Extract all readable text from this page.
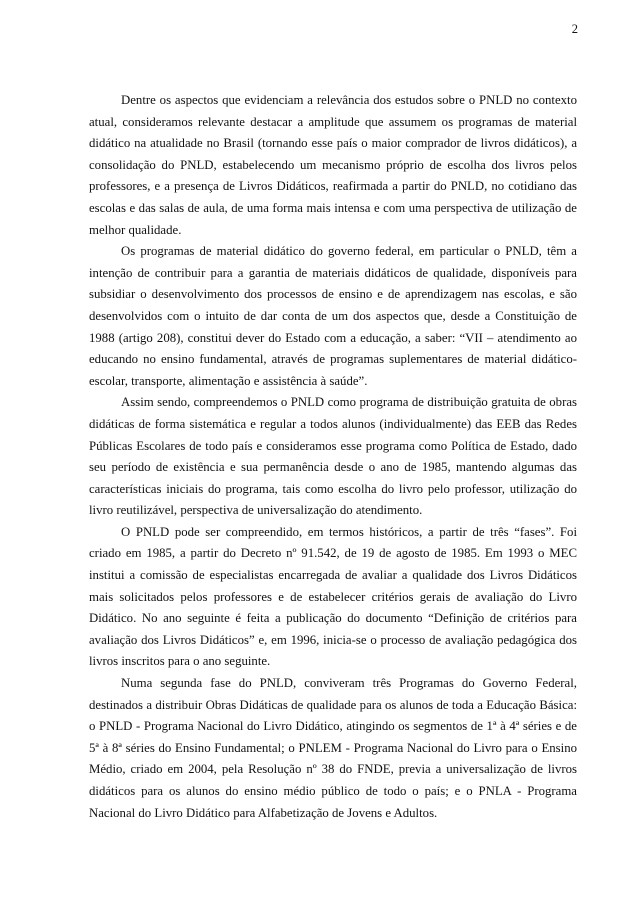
2

Dentre os aspectos que evidenciam a relevância dos estudos sobre o PNLD no contexto atual, consideramos relevante destacar a amplitude que assumem os programas de material didático na atualidade no Brasil (tornando esse país o maior comprador de livros didáticos), a consolidação do PNLD, estabelecendo um mecanismo próprio de escolha dos livros pelos professores, e a presença de Livros Didáticos, reafirmada a partir do PNLD, no cotidiano das escolas e das salas de aula, de uma forma mais intensa e com uma perspectiva de utilização de melhor qualidade.

Os programas de material didático do governo federal, em particular o PNLD, têm a intenção de contribuir para a garantia de materiais didáticos de qualidade, disponíveis para subsidiar o desenvolvimento dos processos de ensino e de aprendizagem nas escolas, e são desenvolvidos com o intuito de dar conta de um dos aspectos que, desde a Constituição de 1988 (artigo 208), constitui dever do Estado com a educação, a saber: “VII – atendimento ao educando no ensino fundamental, através de programas suplementares de material didático-escolar, transporte, alimentação e assistência à saúde”.

Assim sendo, compreendemos o PNLD como programa de distribuição gratuita de obras didáticas de forma sistemática e regular a todos alunos (individualmente) das EEB das Redes Públicas Escolares de todo país e consideramos esse programa como Política de Estado, dado seu período de existência e sua permanência desde o ano de 1985, mantendo algumas das características iniciais do programa, tais como escolha do livro pelo professor, utilização do livro reutilizável, perspectiva de universalização do atendimento.

O PNLD pode ser compreendido, em termos históricos, a partir de três “fases”. Foi criado em 1985, a partir do Decreto nº 91.542, de 19 de agosto de 1985. Em 1993 o MEC institui a comissão de especialistas encarregada de avaliar a qualidade dos Livros Didáticos mais solicitados pelos professores e de estabelecer critérios gerais de avaliação do Livro Didático. No ano seguinte é feita a publicação do documento “Definição de critérios para avaliação dos Livros Didáticos” e, em 1996, inicia-se o processo de avaliação pedagógica dos livros inscritos para o ano seguinte.

Numa segunda fase do PNLD, conviveram três Programas do Governo Federal, destinados a distribuir Obras Didáticas de qualidade para os alunos de toda a Educação Básica: o PNLD - Programa Nacional do Livro Didático, atingindo os segmentos de 1ª à 4ª séries e de 5ª à 8ª séries do Ensino Fundamental; o PNLEM - Programa Nacional do Livro para o Ensino Médio, criado em 2004, pela Resolução nº 38 do FNDE, previa a universalização de livros didáticos para os alunos do ensino médio público de todo o país; e o PNLA - Programa Nacional do Livro Didático para Alfabetização de Jovens e Adultos.
